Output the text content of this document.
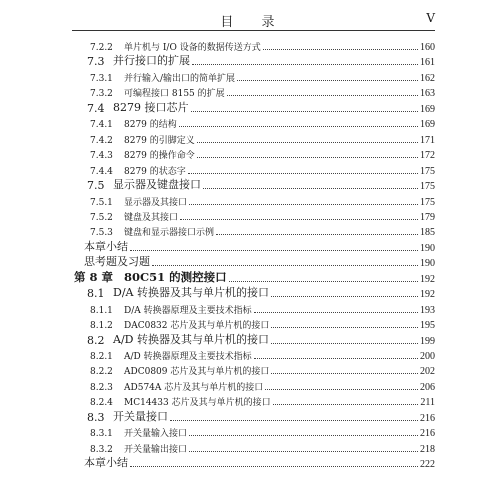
目 录	V
7.2.2	单片机与 I/O 设备的数据传送方式	160
7.3 并行接口的扩展	161
7.3.1	并行输入/输出口的简单扩展	162
7.3.2	可编程接口 8155 的扩展	163
7.4 8279 接口芯片	169
7.4.1	8279 的结构	169
7.4.2	8279 的引脚定义	171
7.4.3	8279 的操作命令	172
7.4.4	8279 的状态字	175
7.5 显示器及键盘接口	175
7.5.1	显示器及其接口	175
7.5.2	键盘及其接口	179
7.5.3	键盘和显示器接口示例	185
本章小结	190
思考题及习题	190
第 8 章 80C51 的测控接口	192
8.1 D/A 转换器及其与单片机的接口	192
8.1.1	D/A 转换器原理及主要技术指标	193
8.1.2	DAC0832 芯片及其与单片机的接口	195
8.2 A/D 转换器及其与单片机的接口	199
8.2.1	A/D 转换器原理及主要技术指标	200
8.2.2	ADC0809 芯片及其与单片机的接口	202
8.2.3	AD574A 芯片及其与单片机的接口	206
8.2.4	MC14433 芯片及其与单片机的接口	211
8.3 开关量接口	216
8.3.1	开关量输入接口	216
8.3.2	开关量输出接口	218
本章小结	222
